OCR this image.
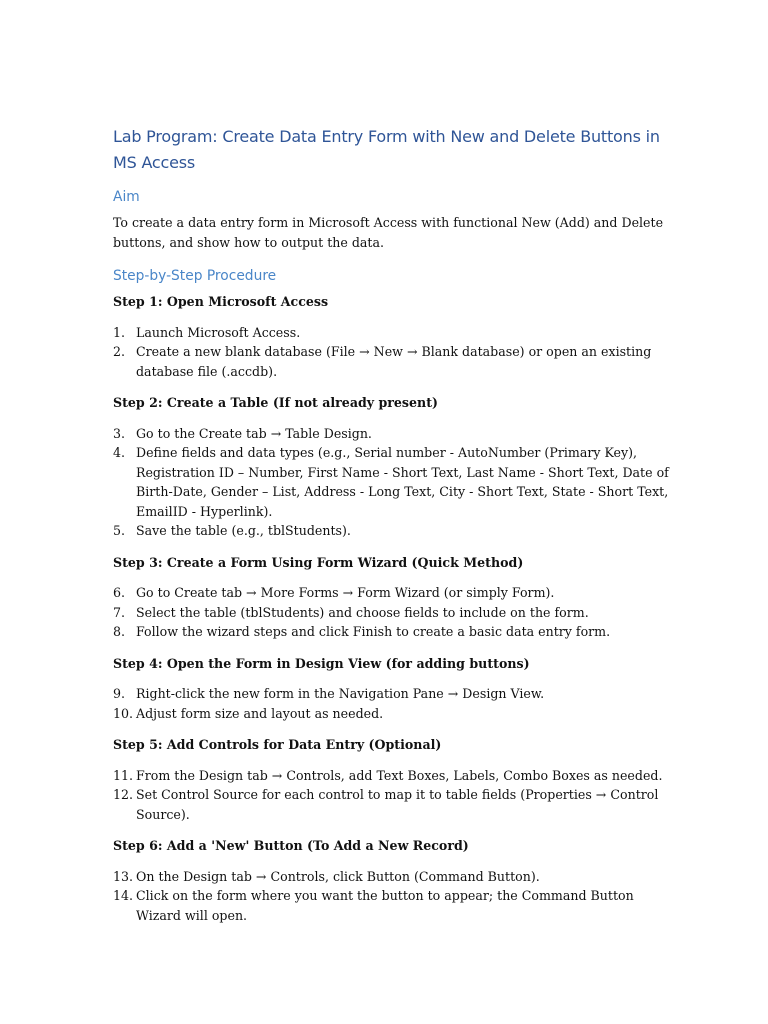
Lab Program: Create Data Entry Form with New and Delete Buttons in MS Access
Aim
To create a data entry form in Microsoft Access with functional New (Add) and Delete buttons, and show how to output the data.
Step-by-Step Procedure
Step 1: Open Microsoft Access
1. Launch Microsoft Access.
2. Create a new blank database (File → New → Blank database) or open an existing database file (.accdb).
Step 2: Create a Table (If not already present)
3. Go to the Create tab → Table Design.
4. Define fields and data types (e.g., Serial number - AutoNumber (Primary Key), Registration ID – Number, First Name - Short Text, Last Name - Short Text, Date of Birth-Date, Gender – List, Address - Long Text, City - Short Text, State - Short Text, EmailID - Hyperlink).
5. Save the table (e.g., tblStudents).
Step 3: Create a Form Using Form Wizard (Quick Method)
6. Go to Create tab → More Forms → Form Wizard (or simply Form).
7. Select the table (tblStudents) and choose fields to include on the form.
8. Follow the wizard steps and click Finish to create a basic data entry form.
Step 4: Open the Form in Design View (for adding buttons)
9. Right-click the new form in the Navigation Pane → Design View.
10. Adjust form size and layout as needed.
Step 5: Add Controls for Data Entry (Optional)
11. From the Design tab → Controls, add Text Boxes, Labels, Combo Boxes as needed.
12. Set Control Source for each control to map it to table fields (Properties → Control Source).
Step 6: Add a 'New' Button (To Add a New Record)
13. On the Design tab → Controls, click Button (Command Button).
14. Click on the form where you want the button to appear; the Command Button Wizard will open.
